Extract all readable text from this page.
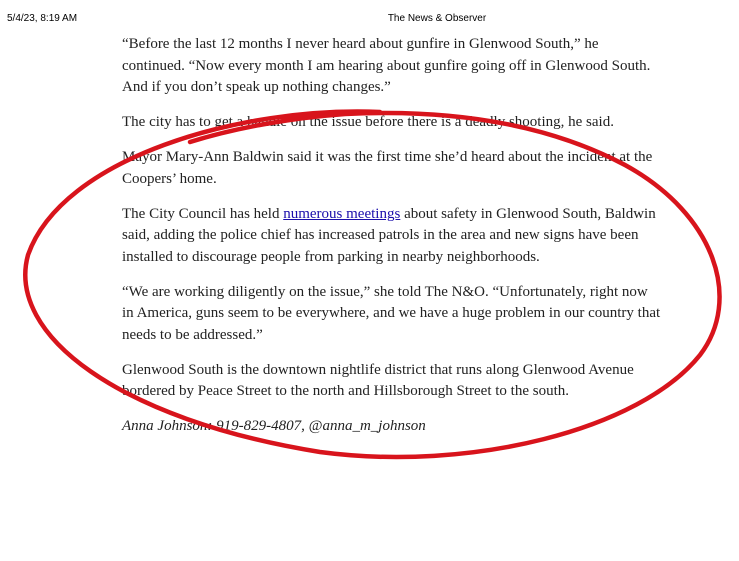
5/4/23, 8:19 AM	The News & Observer

“Before the last 12 months I never heard about gunfire in Glenwood South,” he continued. “Now every month I am hearing about gunfire going off in Glenwood South. And if you don’t speak up nothing changes.”

The city has to get a handle on the issue before there is a deadly shooting, he said.

Mayor Mary-Ann Baldwin said it was the first time she’d heard about the incident at the Coopers’ home.

The City Council has held numerous meetings about safety in Glenwood South, Baldwin said, adding the police chief has increased patrols in the area and new signs have been installed to discourage people from parking in nearby neighborhoods.

“We are working diligently on the issue,” she told The N&O. “Unfortunately, right now in America, guns seem to be everywhere, and we have a huge problem in our country that needs to be addressed.”

Glenwood South is the downtown nightlife district that runs along Glenwood Avenue bordered by Peace Street to the north and Hillsborough Street to the south.

Anna Johnson: 919-829-4807, @anna_m_johnson
